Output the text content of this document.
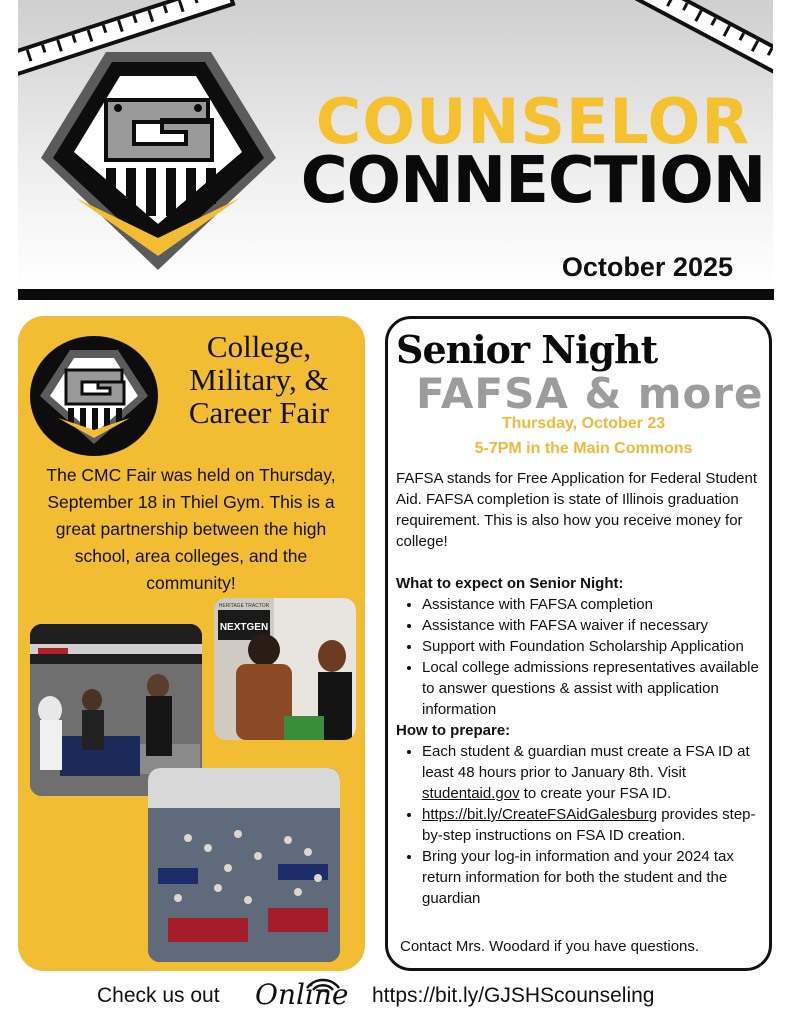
COUNSELOR
CONNECTION
October 2025
College, Military, & Career Fair
The CMC Fair was held on Thursday, September 18 in Thiel Gym. This is a great partnership between the high school, area colleges, and the community!
NEXTGEN
HERITAGE TRACTOR
Senior Night
FAFSA & more
Thursday, October 23
5-7PM in the Main Commons

FAFSA stands for Free Application for Federal Student Aid. FAFSA completion is state of Illinois graduation requirement. This is also how you receive money for college!

What to expect on Senior Night:
• Assistance with FAFSA completion
• Assistance with FAFSA waiver if necessary
• Support with Foundation Scholarship Application
• Local college admissions representatives available to answer questions & assist with application information
How to prepare:
• Each student & guardian must create a FSA ID at least 48 hours prior to January 8th. Visit studentaid.gov to create your FSA ID.
• https://bit.ly/CreateFSAidGalesburg provides step-by-step instructions on FSA ID creation.
• Bring your log-in information and your 2024 tax return information for both the student and the guardian
Contact Mrs. Woodard if you have questions.
Check us out Online https://bit.ly/GJSHScounseling
